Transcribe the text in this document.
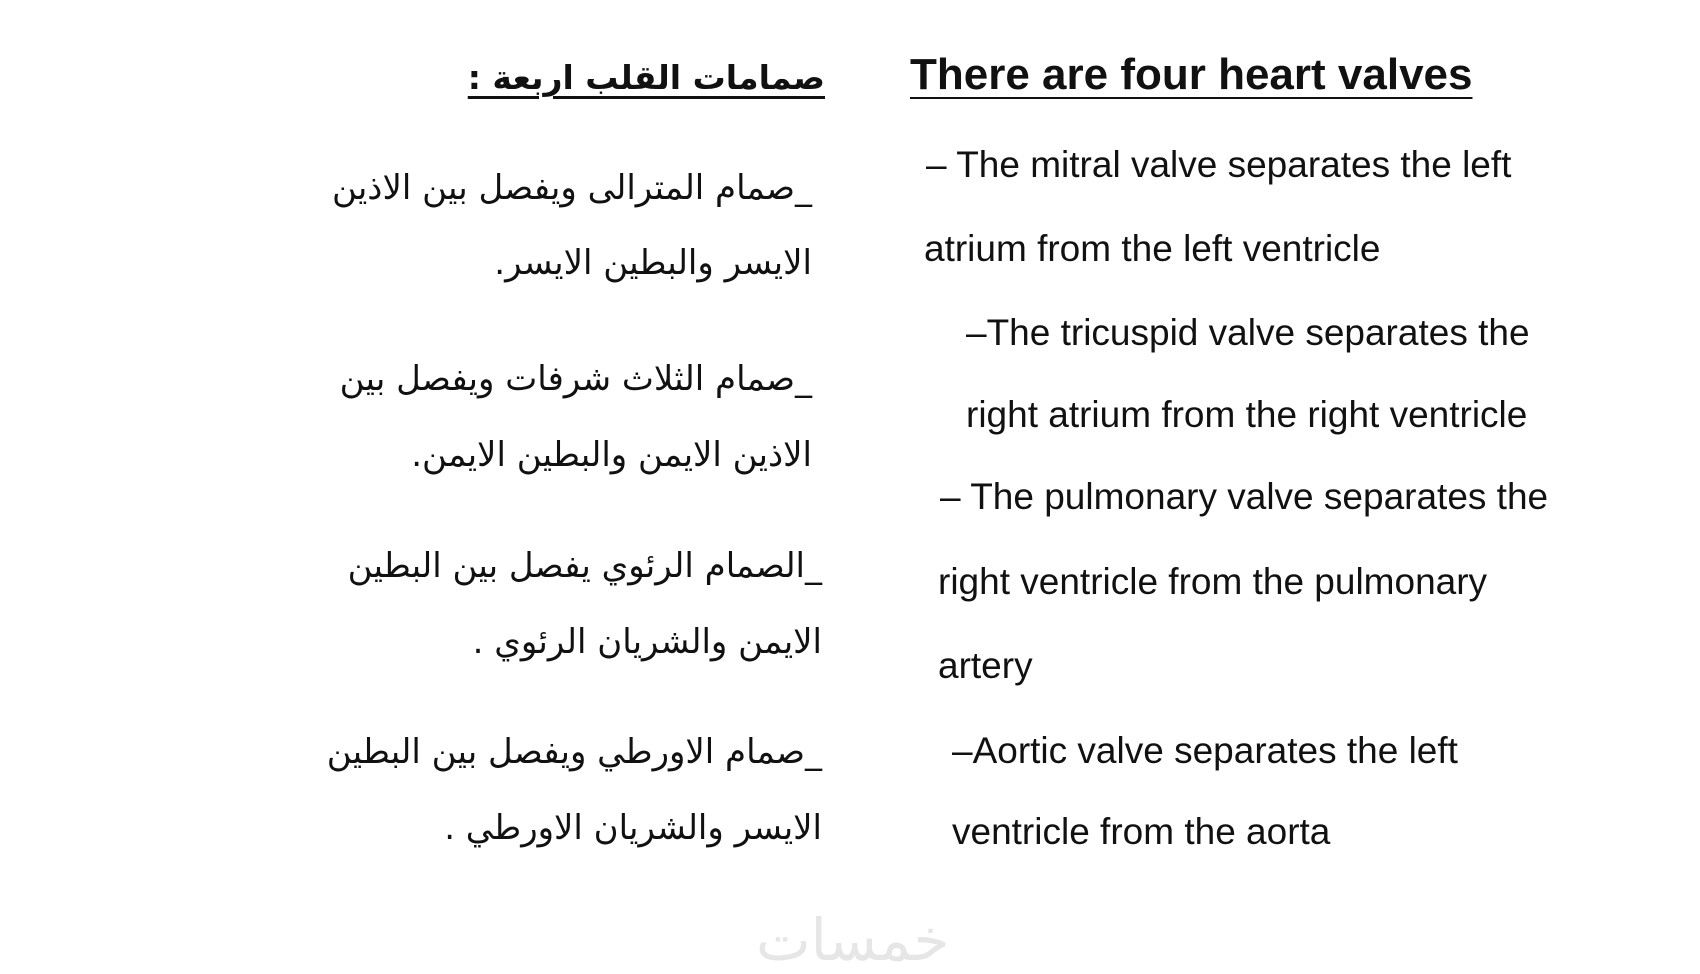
صمامات القلب اربعة :
_صمام المترالى ويفصل بين الاذين
الايسر والبطين الايسر.
_صمام الثلاث شرفات ويفصل بين
الاذين الايمن والبطين الايمن.
_الصمام الرئوي يفصل بين البطين
الايمن والشريان الرئوي .
_صمام الاورطي ويفصل بين البطين
الايسر والشريان الاورطي .
There are four heart valves
– The mitral valve separates the left
atrium from the left ventricle
–The tricuspid valve separates the
right atrium from the right ventricle
– The pulmonary valve separates the
right ventricle from the pulmonary
artery
–Aortic valve separates the left
ventricle from the aorta
خمسات
